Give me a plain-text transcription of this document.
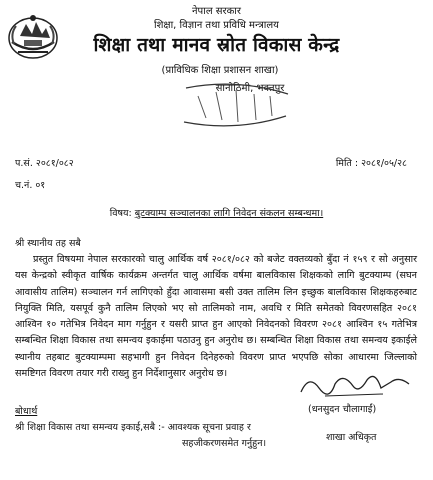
नेपाल सरकार
शिक्षा, विज्ञान तथा प्रविधि मन्त्रालय
शिक्षा तथा मानव स्रोत विकास केन्द्र
(प्राविधिक शिक्षा प्रशासन शाखा)
सानोठिमी, भक्तपुर
प.सं. २०८१/०८२
च.नं. ०१
मिति : २०८१/०५/२८
विषय: बुटक्याम्प सञ्चालनका लागि निवेदन संकलन सम्बन्धमा।
श्री स्थानीय तह सबै
प्रस्तुत विषयमा नेपाल सरकारको चालु आर्थिक वर्ष २०८१/०८२ को बजेट वक्तव्यको बुँदा नं १५९ र सो अनुसार यस केन्द्रको स्वीकृत वार्षिक कार्यक्रम अन्तर्गत चालु आर्थिक वर्षमा बालविकास शिक्षकको लागि बुटक्याम्प (सघन आवासीय तालिम) सञ्चालन गर्न लागिएको हुँदा आवासमा बसी उक्त तालिम लिन इच्छुक बालविकास शिक्षकहरुबाट नियुक्ति मिति, यसपूर्व कुनै तालिम लिएको भए सो तालिमको नाम, अवधि र मिति समेतको विवरणसहित २०८१ आश्विन १० गतेभित्र निवेदन माग गर्नुहुन र यसरी प्राप्त हुन आएको निवेदनको विवरण २०८१ आश्विन १५ गतेभित्र सम्बन्धित शिक्षा विकास तथा समन्वय इकाईमा पठाउनु हुन अनुरोध छ। सम्बन्धित शिक्षा विकास तथा समन्वय इकाईले स्थानीय तहबाट बुटक्याम्पमा सहभागी हुन निवेदन दिनेहरुको विवरण प्राप्त भएपछि सोका आधारमा जिल्लाको समष्टिगत विवरण तयार गरी राख्नु हुन निर्देशानुसार अनुरोध छ।
(धनसुदन चौलागाईं)
शाखा अधिकृत
बोधार्थ
श्री शिक्षा विकास तथा समन्वय इकाई,सबै :- आवश्यक सूचना प्रवाह र
सहजीकरणसमेत गर्नुहुन।
